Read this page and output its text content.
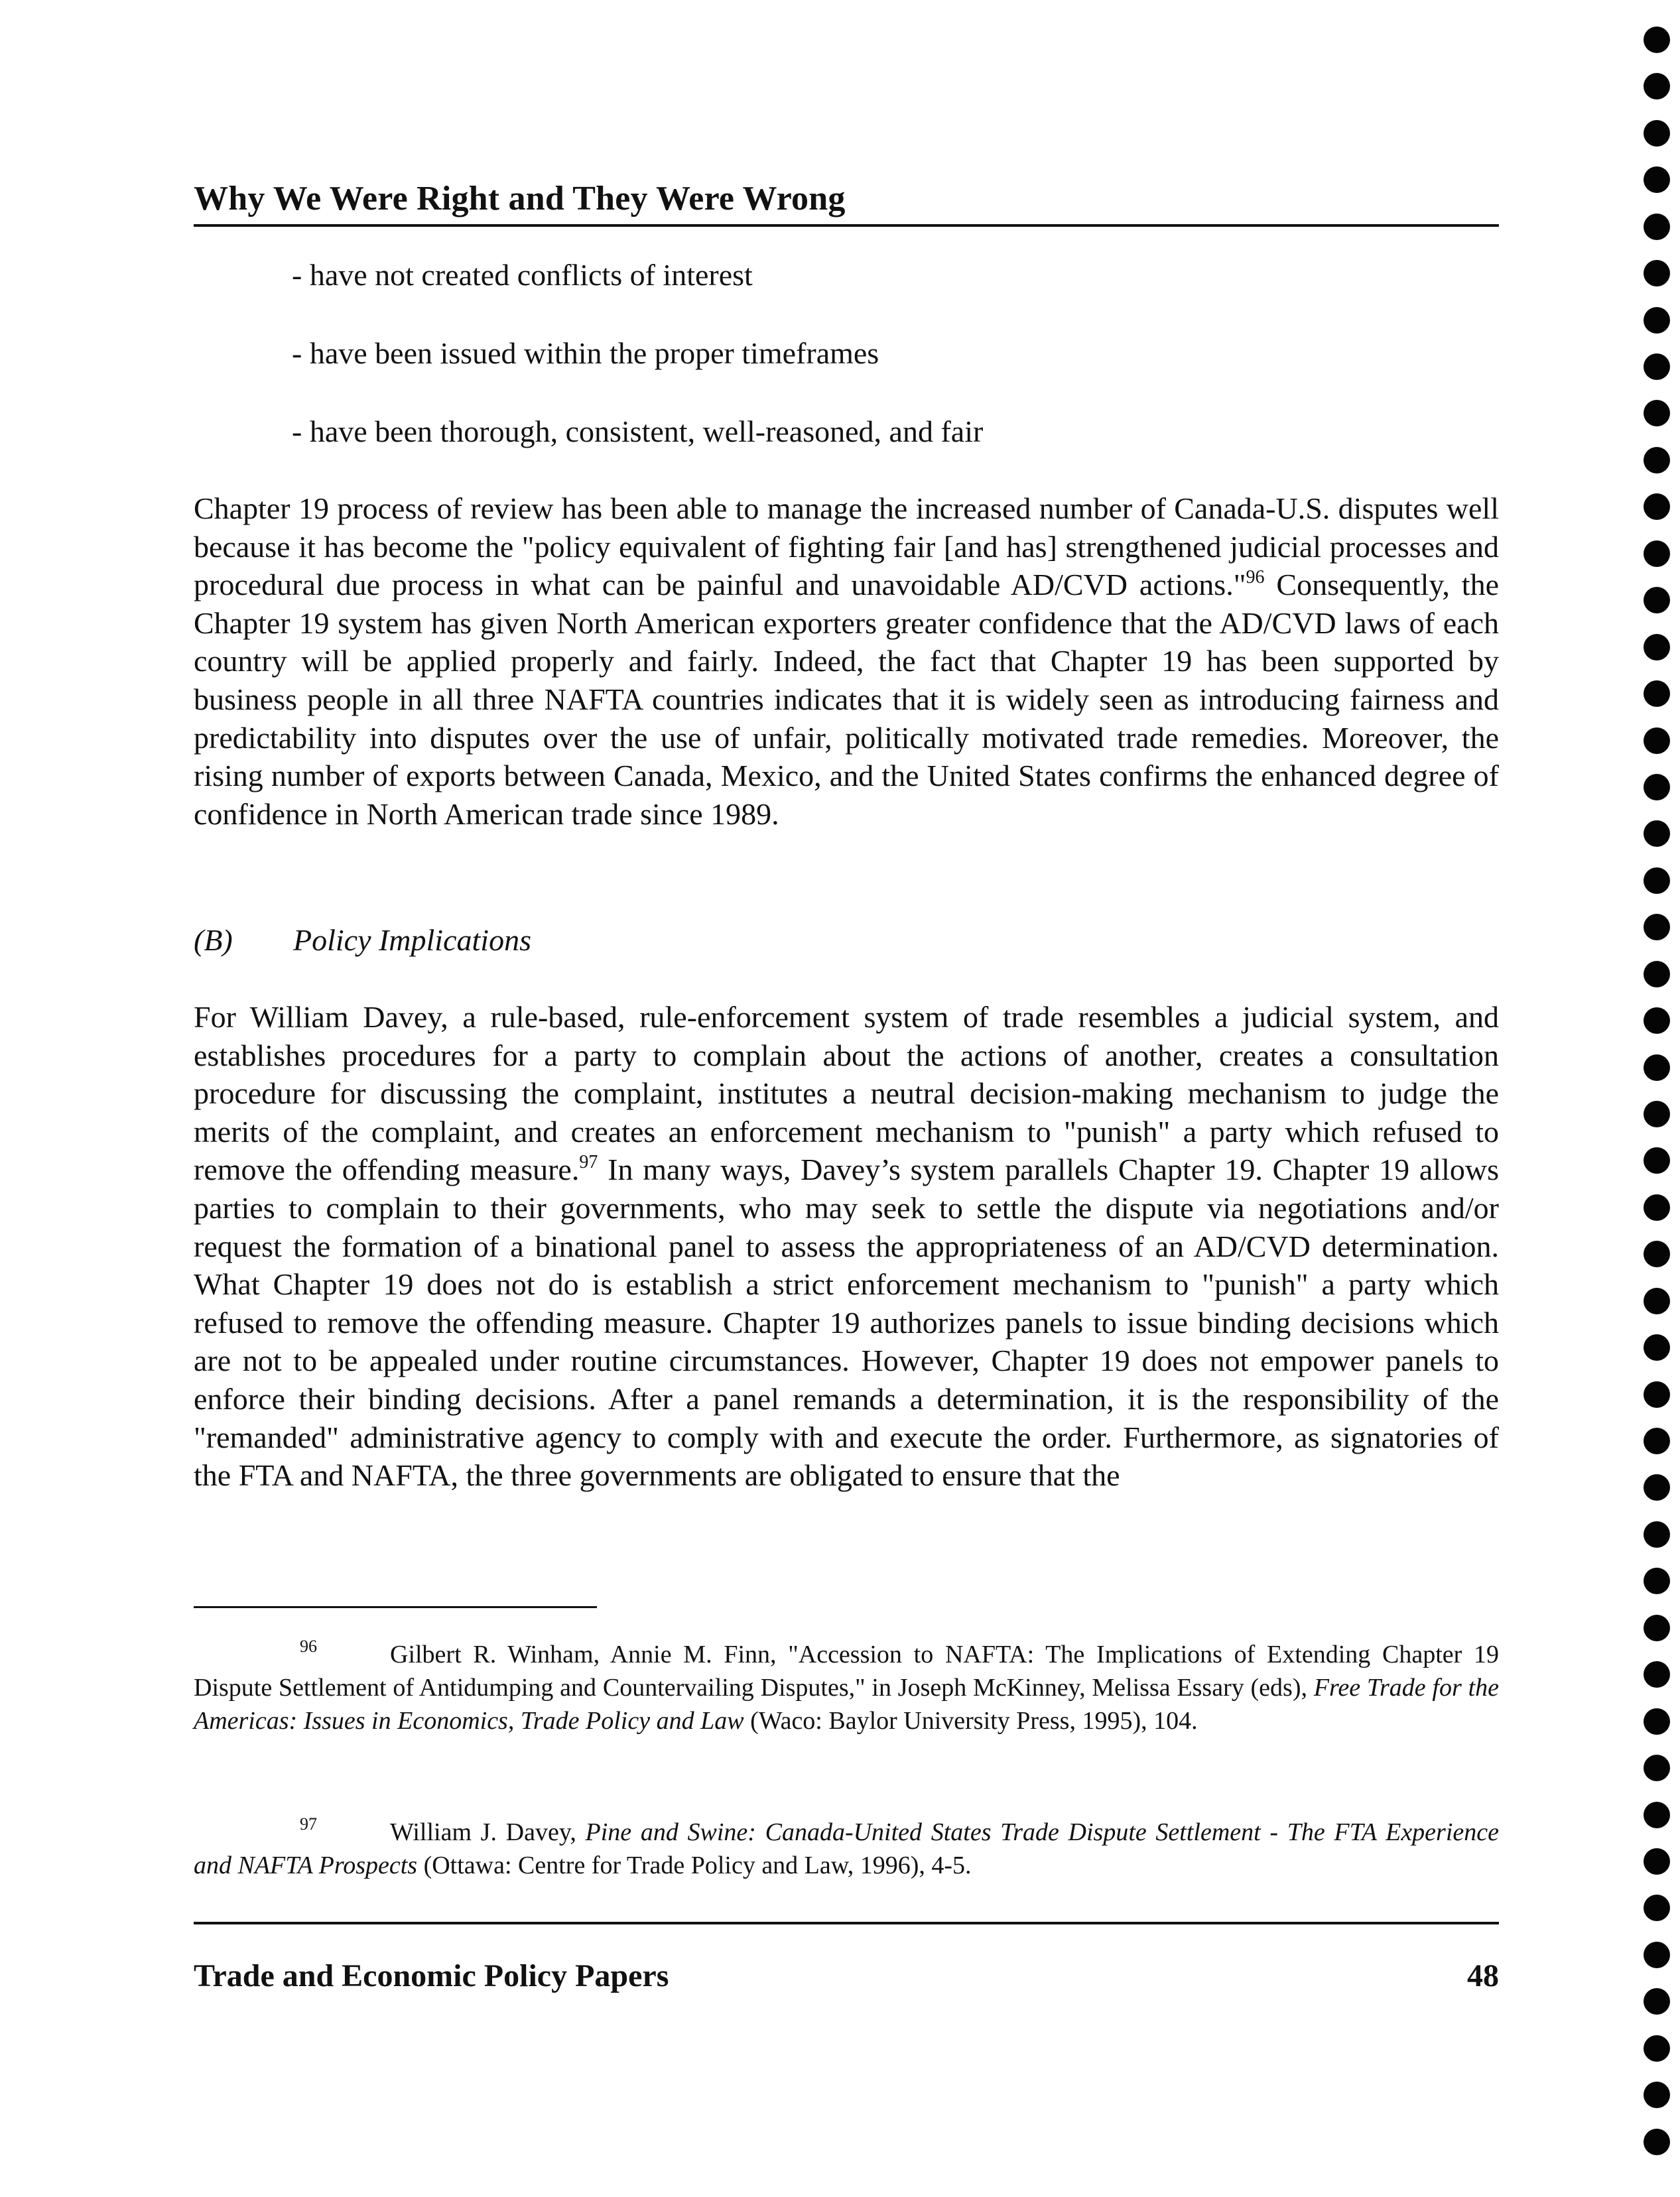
Why We Were Right and They Were Wrong
- have not created conflicts of interest
- have been issued within the proper timeframes
- have been thorough, consistent, well-reasoned, and fair

Chapter 19 process of review has been able to manage the increased number of Canada-U.S. disputes well because it has become the "policy equivalent of fighting fair [and has] strengthened judicial processes and procedural due process in what can be painful and unavoidable AD/CVD actions."$^{96}$ Consequently, the Chapter 19 system has given North American exporters greater confidence that the AD/CVD laws of each country will be applied properly and fairly. Indeed, the fact that Chapter 19 has been supported by business people in all three NAFTA countries indicates that it is widely seen as introducing fairness and predictability into disputes over the use of unfair, politically motivated trade remedies. Moreover, the rising number of exports between Canada, Mexico, and the United States confirms the enhanced degree of confidence in North American trade since 1989.

(B) Policy Implications

For William Davey, a rule-based, rule-enforcement system of trade resembles a judicial system, and establishes procedures for a party to complain about the actions of another, creates a consultation procedure for discussing the complaint, institutes a neutral decision-making mechanism to judge the merits of the complaint, and creates an enforcement mechanism to "punish" a party which refused to remove the offending measure.$^{97}$ In many ways, Davey’s system parallels Chapter 19. Chapter 19 allows parties to complain to their governments, who may seek to settle the dispute via negotiations and/or request the formation of a binational panel to assess the appropriateness of an AD/CVD determination. What Chapter 19 does not do is establish a strict enforcement mechanism to "punish" a party which refused to remove the offending measure. Chapter 19 authorizes panels to issue binding decisions which are not to be appealed under routine circumstances. However, Chapter 19 does not empower panels to enforce their binding decisions. After a panel remands a determination, it is the responsibility of the "remanded" administrative agency to comply with and execute the order. Furthermore, as signatories of the FTA and NAFTA, the three governments are obligated to ensure that the

96	Gilbert R. Winham, Annie M. Finn, "Accession to NAFTA: The Implications of Extending Chapter 19 Dispute Settlement of Antidumping and Countervailing Disputes," in Joseph McKinney, Melissa Essary (eds), Free Trade for the Americas: Issues in Economics, Trade Policy and Law (Waco: Baylor University Press, 1995), 104.

97	William J. Davey, Pine and Swine: Canada-United States Trade Dispute Settlement - The FTA Experience and NAFTA Prospects (Ottawa: Centre for Trade Policy and Law, 1996), 4-5.

Trade and Economic Policy Papers	48
